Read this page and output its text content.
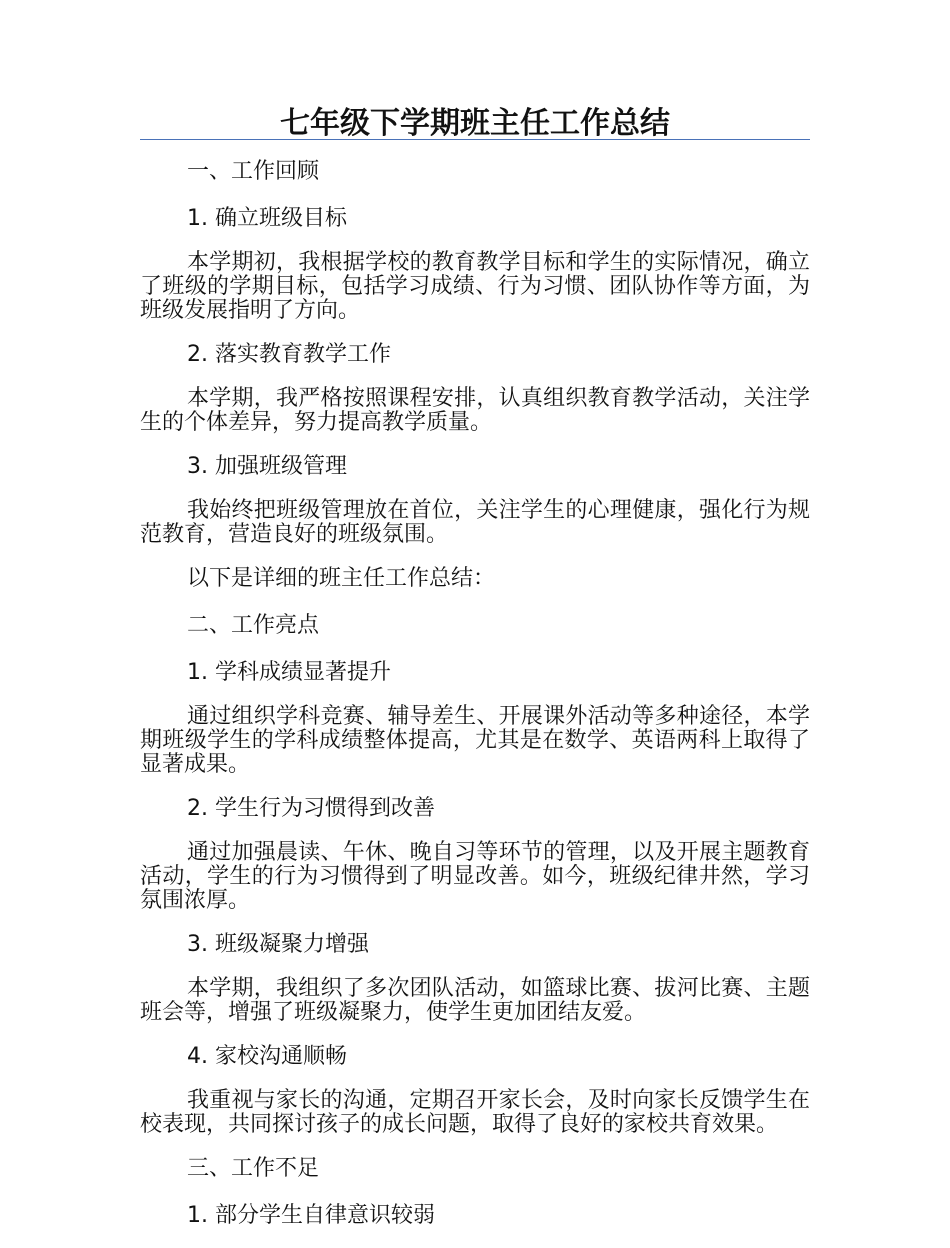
七年级下学期班主任工作总结

一、工作回顾

1. 确立班级目标

本学期初，我根据学校的教育教学目标和学生的实际情况，确立了班级的学期目标，包括学习成绩、行为习惯、团队协作等方面，为班级发展指明了方向。

2. 落实教育教学工作

本学期，我严格按照课程安排，认真组织教育教学活动，关注学生的个体差异，努力提高教学质量。

3. 加强班级管理

我始终把班级管理放在首位，关注学生的心理健康，强化行为规范教育，营造良好的班级氛围。

以下是详细的班主任工作总结：

二、工作亮点

1. 学科成绩显著提升

通过组织学科竞赛、辅导差生、开展课外活动等多种途径，本学期班级学生的学科成绩整体提高，尤其是在数学、英语两科上取得了显著成果。

2. 学生行为习惯得到改善

通过加强晨读、午休、晚自习等环节的管理，以及开展主题教育活动，学生的行为习惯得到了明显改善。如今，班级纪律井然，学习氛围浓厚。

3. 班级凝聚力增强

本学期，我组织了多次团队活动，如篮球比赛、拔河比赛、主题班会等，增强了班级凝聚力，使学生更加团结友爱。

4. 家校沟通顺畅

我重视与家长的沟通，定期召开家长会，及时向家长反馈学生在校表现，共同探讨孩子的成长问题，取得了良好的家校共育效果。

三、工作不足

1. 部分学生自律意识较弱
